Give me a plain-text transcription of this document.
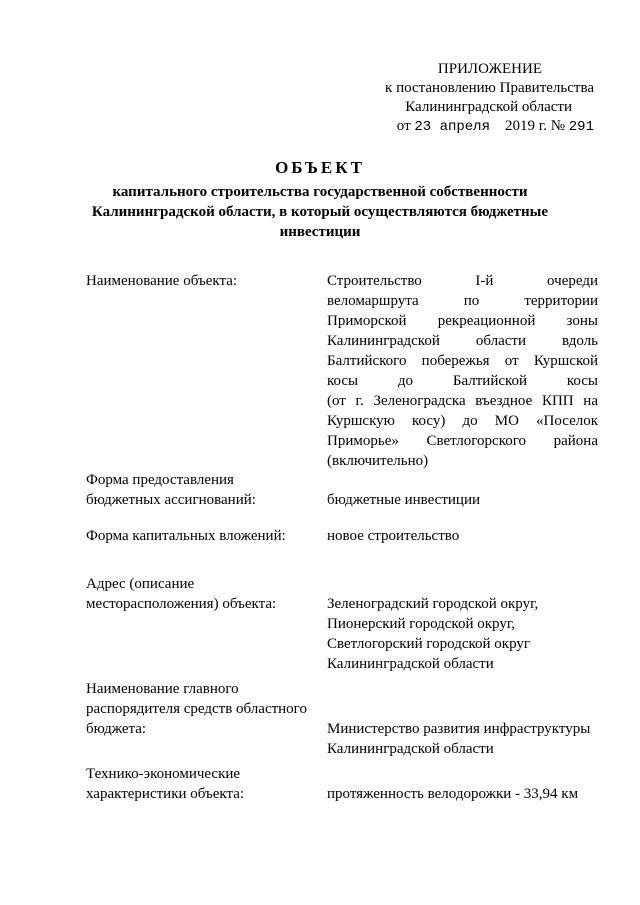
ПРИЛОЖЕНИЕ
к постановлению Правительства
Калининградской области
от 23 апреля 2019 г. № 291
ОБЪЕКТ
капитального строительства государственной собственности
Калининградской области, в который осуществляются бюджетные
инвестиции
Наименование объекта:	Строительство I-й очереди
веломаршрута по территории
Приморской рекреационной зоны
Калининградской области вдоль
Балтийского побережья от Куршской
косы до Балтийской косы
(от г. Зеленоградска въездное КПП на
Куршскую косу) до МО «Поселок
Приморье» Светлогорского района
(включительно)
Форма предоставления
бюджетных ассигнований:	бюджетные инвестиции
Форма капитальных вложений:	новое строительство
Адрес (описание
месторасположения) объекта:	Зеленоградский городской округ,
Пионерский городской округ,
Светлогорский городской округ
Калининградской области
Наименование главного
распорядителя средств областного
бюджета:	Министерство развития инфраструктуры
Калининградской области
Технико-экономические
характеристики объекта:	протяженность велодорожки - 33,94 км
